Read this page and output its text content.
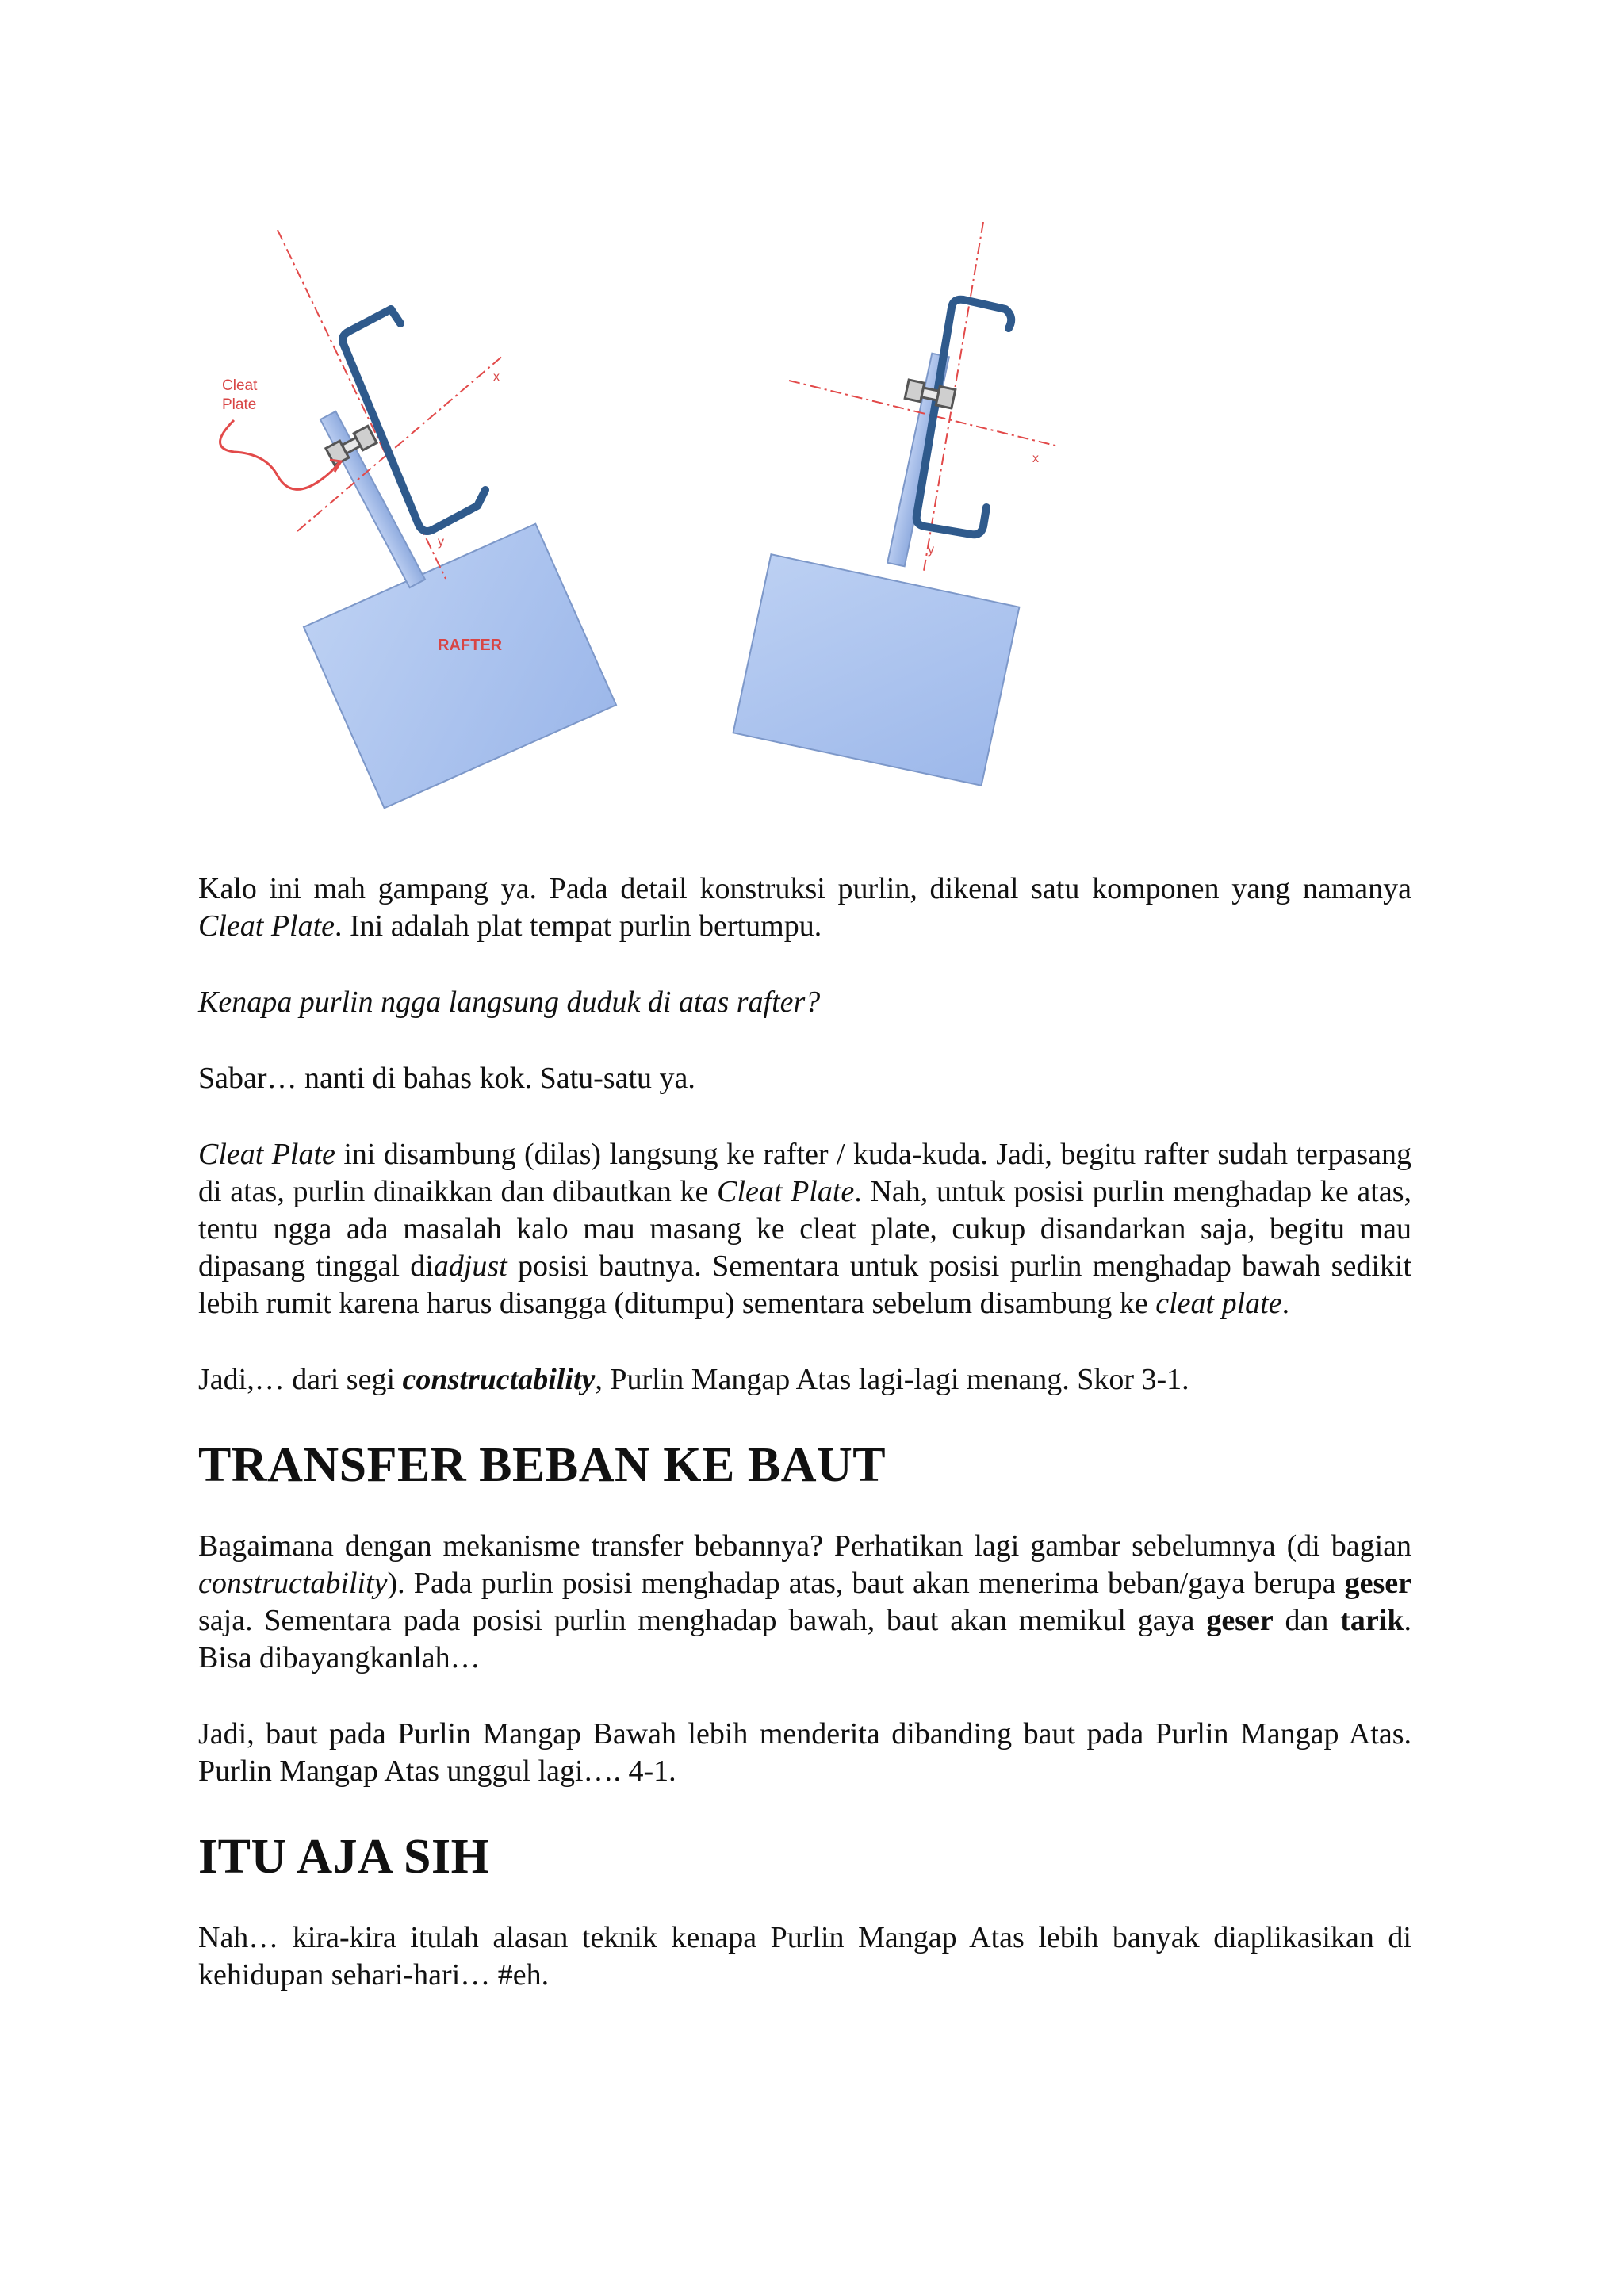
RAFTER
x
y
Cleat
Plate
x
y

Kalo ini mah gampang ya. Pada detail konstruksi purlin, dikenal satu komponen yang namanya Cleat Plate. Ini adalah plat tempat purlin bertumpu.

Kenapa purlin ngga langsung duduk di atas rafter?

Sabar… nanti di bahas kok. Satu-satu ya.

Cleat Plate ini disambung (dilas) langsung ke rafter / kuda-kuda. Jadi, begitu rafter sudah terpasang di atas, purlin dinaikkan dan dibautkan ke Cleat Plate. Nah, untuk posisi purlin menghadap ke atas, tentu ngga ada masalah kalo mau masang ke cleat plate, cukup disandarkan saja, begitu mau dipasang tinggal diadjust posisi bautnya. Sementara untuk posisi purlin menghadap bawah sedikit lebih rumit karena harus disangga (ditumpu) sementara sebelum disambung ke cleat plate.

Jadi,… dari segi constructability, Purlin Mangap Atas lagi-lagi menang. Skor 3-1.

TRANSFER BEBAN KE BAUT

Bagaimana dengan mekanisme transfer bebannya? Perhatikan lagi gambar sebelumnya (di bagian constructability). Pada purlin posisi menghadap atas, baut akan menerima beban/gaya berupa geser saja. Sementara pada posisi purlin menghadap bawah, baut akan memikul gaya geser dan tarik. Bisa dibayangkanlah…

Jadi, baut pada Purlin Mangap Bawah lebih menderita dibanding baut pada Purlin Mangap Atas. Purlin Mangap Atas unggul lagi…. 4-1.

ITU AJA SIH

Nah… kira-kira itulah alasan teknik kenapa Purlin Mangap Atas lebih banyak diaplikasikan di kehidupan sehari-hari… #eh.
